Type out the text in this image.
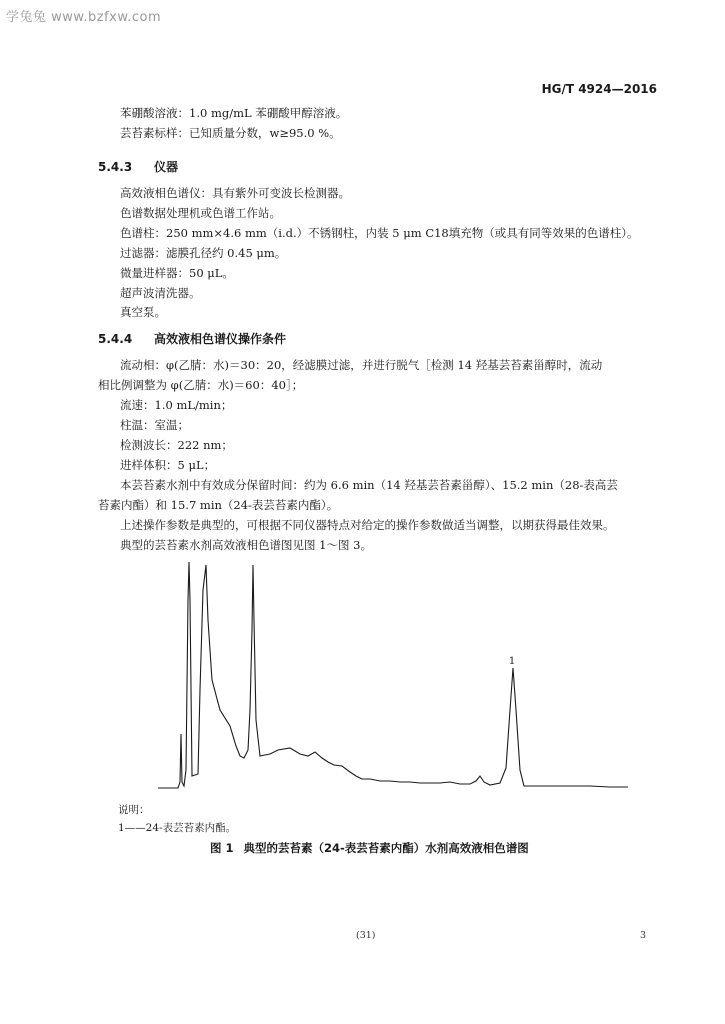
学兔兔 www.bzfxw.com
HG/T 4924—2016
苯硼酸溶液：1.0 mg/mL 苯硼酸甲醇溶液。
芸苔素标样：已知质量分数，w≥95.0 %。
5.4.3 仪器
高效液相色谱仪：具有紫外可变波长检测器。
色谱数据处理机或色谱工作站。
色谱柱：250 mm×4.6 mm（i.d.）不锈钢柱，内装 5 μm C18填充物（或具有同等效果的色谱柱）。
过滤器：滤膜孔径约 0.45 μm。
微量进样器：50 μL。
超声波清洗器。
真空泵。
5.4.4 高效液相色谱仪操作条件
流动相：φ(乙腈：水)＝30：20，经滤膜过滤，并进行脱气［检测 14 羟基芸苔素甾醇时，流动
相比例调整为 φ(乙腈：水)＝60：40］；
流速：1.0 mL/min；
柱温：室温；
检测波长：222 nm；
进样体积：5 μL；
本芸苔素水剂中有效成分保留时间：约为 6.6 min（14 羟基芸苔素甾醇）、15.2 min（28-表高芸
苔素内酯）和 15.7 min（24-表芸苔素内酯）。
上述操作参数是典型的，可根据不同仪器特点对给定的操作参数做适当调整，以期获得最佳效果。
典型的芸苔素水剂高效液相色谱图见图 1～图 3。
1
说明：
1——24-表芸苔素内酯。
图 1 典型的芸苔素（24-表芸苔素内酯）水剂高效液相色谱图
(31)	3
